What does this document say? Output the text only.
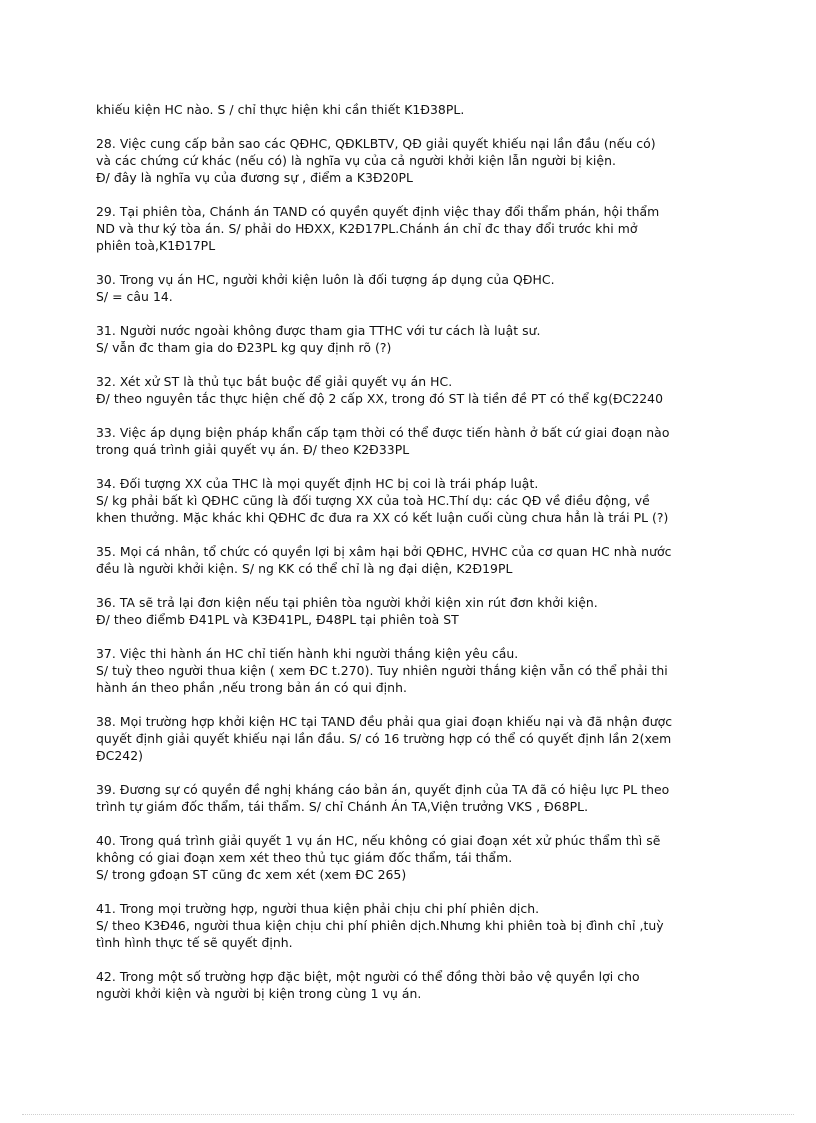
khiếu kiện HC nào. S / chỉ thực hiện khi cần thiết K1Đ38PL.
28. Việc cung cấp bản sao các QĐHC, QĐKLBTV, QĐ giải quyết khiếu nại lần đầu (nếu có)
và các chứng cứ khác (nếu có) là nghĩa vụ của cả người khởi kiện lẫn người bị kiện.
Đ/ đây là nghĩa vụ của đương sự , điểm a K3Đ20PL
29. Tại phiên tòa, Chánh án TAND có quyền quyết định việc thay đổi thẩm phán, hội thẩm
ND và thư ký tòa án. S/ phải do HĐXX, K2Đ17PL.Chánh án chỉ đc thay đổi trước khi mở
phiên toà,K1Đ17PL
30. Trong vụ án HC, người khởi kiện luôn là đối tượng áp dụng của QĐHC.
S/ = câu 14.
31. Người nước ngoài không được tham gia TTHC với tư cách là luật sư.
S/ vẫn đc tham gia do Đ23PL kg quy định rõ (?)
32. Xét xử ST là thủ tục bắt buộc để giải quyết vụ án HC.
Đ/ theo nguyên tắc thực hiện chế độ 2 cấp XX, trong đó ST là tiền đề PT có thể kg(ĐC2240
33. Việc áp dụng biện pháp khẩn cấp tạm thời có thể được tiến hành ở bất cứ giai đoạn nào
trong quá trình giải quyết vụ án. Đ/ theo K2Đ33PL
34. Đối tượng XX của THC là mọi quyết định HC bị coi là trái pháp luật.
S/ kg phải bất kì QĐHC cũng là đối tượng XX của toà HC.Thí dụ: các QĐ về điều động, về
khen thưởng. Mặc khác khi QĐHC đc đưa ra XX có kết luận cuối cùng chưa hẳn là trái PL (?)
35. Mọi cá nhân, tổ chức có quyền lợi bị xâm hại bởi QĐHC, HVHC của cơ quan HC nhà nước
đều là người khởi kiện. S/ ng KK có thể chỉ là ng đại diện, K2Đ19PL
36. TA sẽ trả lại đơn kiện nếu tại phiên tòa người khởi kiện xin rút đơn khởi kiện.
Đ/ theo điểmb Đ41PL và K3Đ41PL, Đ48PL tại phiên toà ST
37. Việc thi hành án HC chỉ tiến hành khi người thắng kiện yêu cầu.
S/ tuỳ theo người thua kiện ( xem ĐC t.270). Tuy nhiên người thắng kiện vẫn có thể phải thi
hành án theo phần ,nếu trong bản án có qui định.
38. Mọi trường hợp khởi kiện HC tại TAND đều phải qua giai đoạn khiếu nại và đã nhận được
quyết định giải quyết khiếu nại lần đầu. S/ có 16 trường hợp có thể có quyết định lần 2(xem
ĐC242)
39. Đương sự có quyền đề nghị kháng cáo bản án, quyết định của TA đã có hiệu lực PL theo
trình tự giám đốc thẩm, tái thẩm. S/ chỉ Chánh Án TA,Viện trưởng VKS , Đ68PL.
40. Trong quá trình giải quyết 1 vụ án HC, nếu không có giai đoạn xét xử phúc thẩm thì sẽ
không có giai đoạn xem xét theo thủ tục giám đốc thẩm, tái thẩm.
S/ trong gđoạn ST cũng đc xem xét (xem ĐC 265)
41. Trong mọi trường hợp, người thua kiện phải chịu chi phí phiên dịch.
S/ theo K3Đ46, người thua kiện chịu chi phí phiên dịch.Nhưng khi phiên toà bị đình chỉ ,tuỳ
tình hình thực tế sẽ quyết định.
42. Trong một số trường hợp đặc biệt, một người có thể đồng thời bảo vệ quyền lợi cho
người khởi kiện và người bị kiện trong cùng 1 vụ án.
